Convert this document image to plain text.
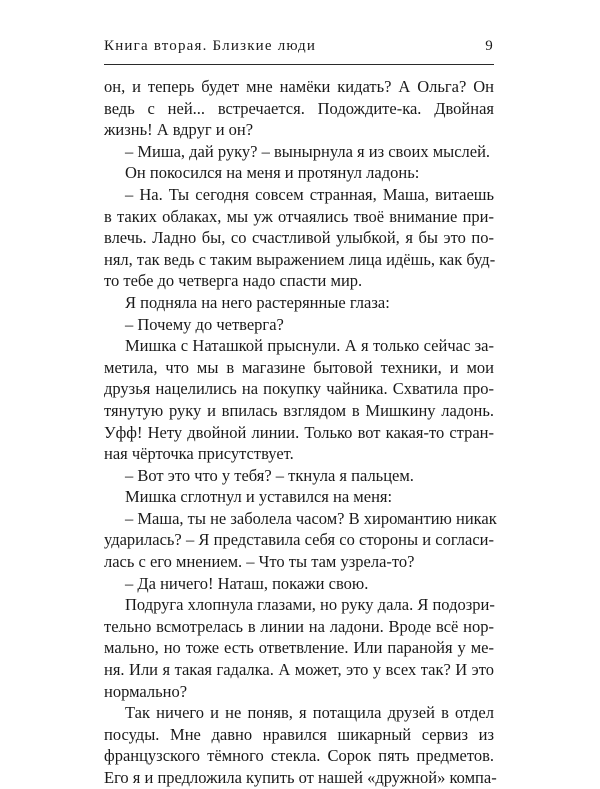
Книга вторая. Близкие люди	9
он, и теперь будет мне намёки кидать? А Ольга? Он
ведь с ней... встречается. Подождите-ка. Двойная
жизнь! А вдруг и он?
– Миша, дай руку? – вынырнула я из своих мыслей.
Он покосился на меня и протянул ладонь:
– На. Ты сегодня совсем странная, Маша, витаешь
в таких облаках, мы уж отчаялись твоё внимание при-
влечь. Ладно бы, со счастливой улыбкой, я бы это по-
нял, так ведь с таким выражением лица идёшь, как буд-
то тебе до четверга надо спасти мир.
Я подняла на него растерянные глаза:
– Почему до четверга?
Мишка с Наташкой прыснули. А я только сейчас за-
метила, что мы в магазине бытовой техники, и мои
друзья нацелились на покупку чайника. Схватила про-
тянутую руку и впилась взглядом в Мишкину ладонь.
Уфф! Нету двойной линии. Только вот какая-то стран-
ная чёрточка присутствует.
– Вот это что у тебя? – ткнула я пальцем.
Мишка сглотнул и уставился на меня:
– Маша, ты не заболела часом? В хиромантию никак
ударилась? – Я представила себя со стороны и согласи-
лась с его мнением. – Что ты там узрела-то?
– Да ничего! Наташ, покажи свою.
Подруга хлопнула глазами, но руку дала. Я подозри-
тельно всмотрелась в линии на ладони. Вроде всё нор-
мально, но тоже есть ответвление. Или паранойя у ме-
ня. Или я такая гадалка. А может, это у всех так? И это
нормально?
Так ничего и не поняв, я потащила друзей в отдел
посуды. Мне давно нравился шикарный сервиз из
французского тёмного стекла. Сорок пять предметов.
Его я и предложила купить от нашей «дружной» компа-
